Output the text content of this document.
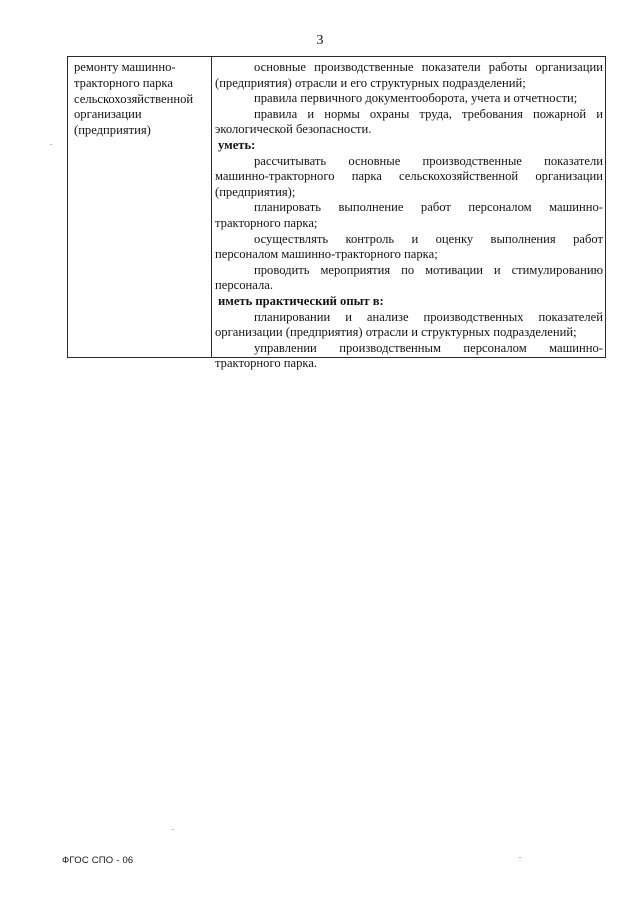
3
ремонту машинно-
тракторного парка
сельскохозяйственной
организации
(предприятия)
основные производственные показатели работы организации
(предприятия) отрасли и его структурных подразделений;
правила первичного документооборота, учета и отчетности;
правила и нормы охраны труда, требования пожарной и
экологической безопасности.
уметь:
рассчитывать основные производственные показатели
машинно-тракторного парка сельскохозяйственной организации
(предприятия);
планировать выполнение работ персоналом машинно-
тракторного парка;
осуществлять контроль и оценку выполнения работ
персоналом машинно-тракторного парка;
проводить мероприятия по мотивации и стимулированию
персонала.
иметь практический опыт в:
планировании и анализе производственных показателей
организации (предприятия) отрасли и структурных подразделений;
управлении производственным персоналом машинно-
тракторного парка.
ФГОС СПО - 06
